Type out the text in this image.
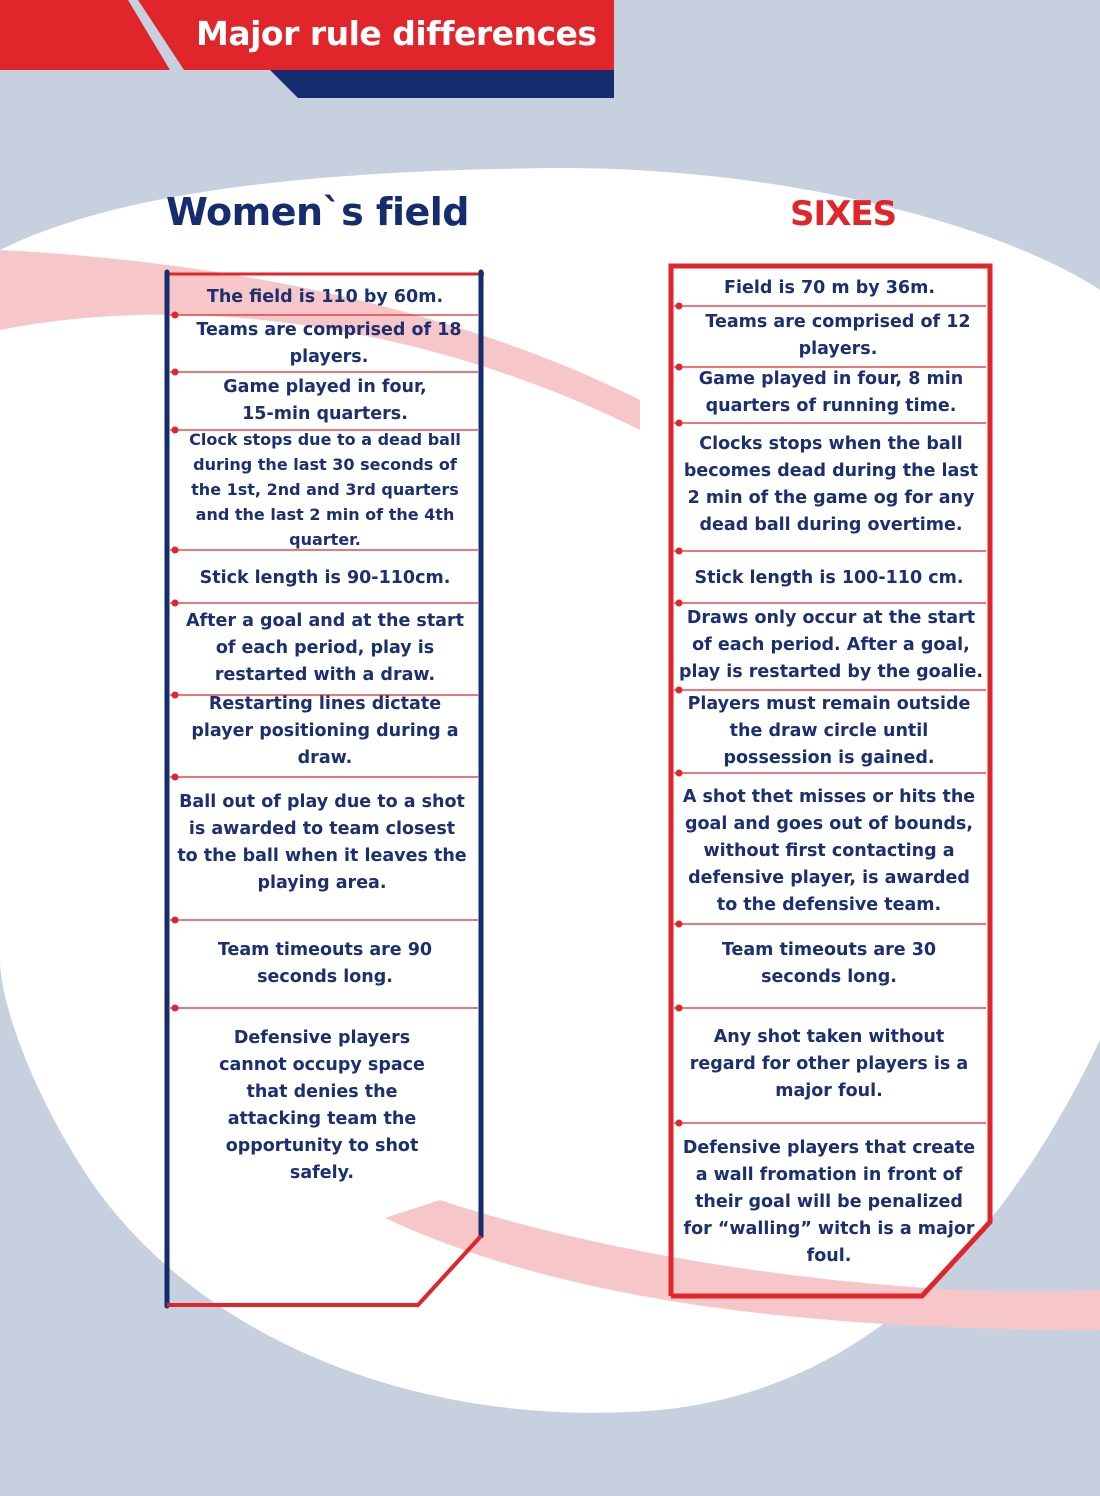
Major rule differences
Women`s field	SIXES
The field is 110 by 60m.
Teams are comprised of 18 players.
Game played in four, 15-min quarters.
Clock stops due to a dead ball during the last 30 seconds of the 1st, 2nd and 3rd quarters and the last 2 min of the 4th quarter.
Stick length is 90-110cm.
After a goal and at the start of each period, play is restarted with a draw.
Restarting lines dictate player positioning during a draw.
Ball out of play due to a shot is awarded to team closest to the ball when it leaves the playing area.
Team timeouts are 90 seconds long.
Defensive players cannot occupy space that denies the attacking team the opportunity to shot safely.
Field is 70 m by 36m.
Teams are comprised of 12 players.
Game played in four, 8 min quarters of running time.
Clocks stops when the ball becomes dead during the last 2 min of the game og for any dead ball during overtime.
Stick length is 100-110 cm.
Draws only occur at the start of each period. After a goal, play is restarted by the goalie.
Players must remain outside the draw circle until possession is gained.
A shot thet misses or hits the goal and goes out of bounds, without first contacting a defensive player, is awarded to the defensive team.
Team timeouts are 30 seconds long.
Any shot taken without regard for other players is a major foul.
Defensive players that create a wall fromation in front of their goal will be penalized for “walling” witch is a major foul.
